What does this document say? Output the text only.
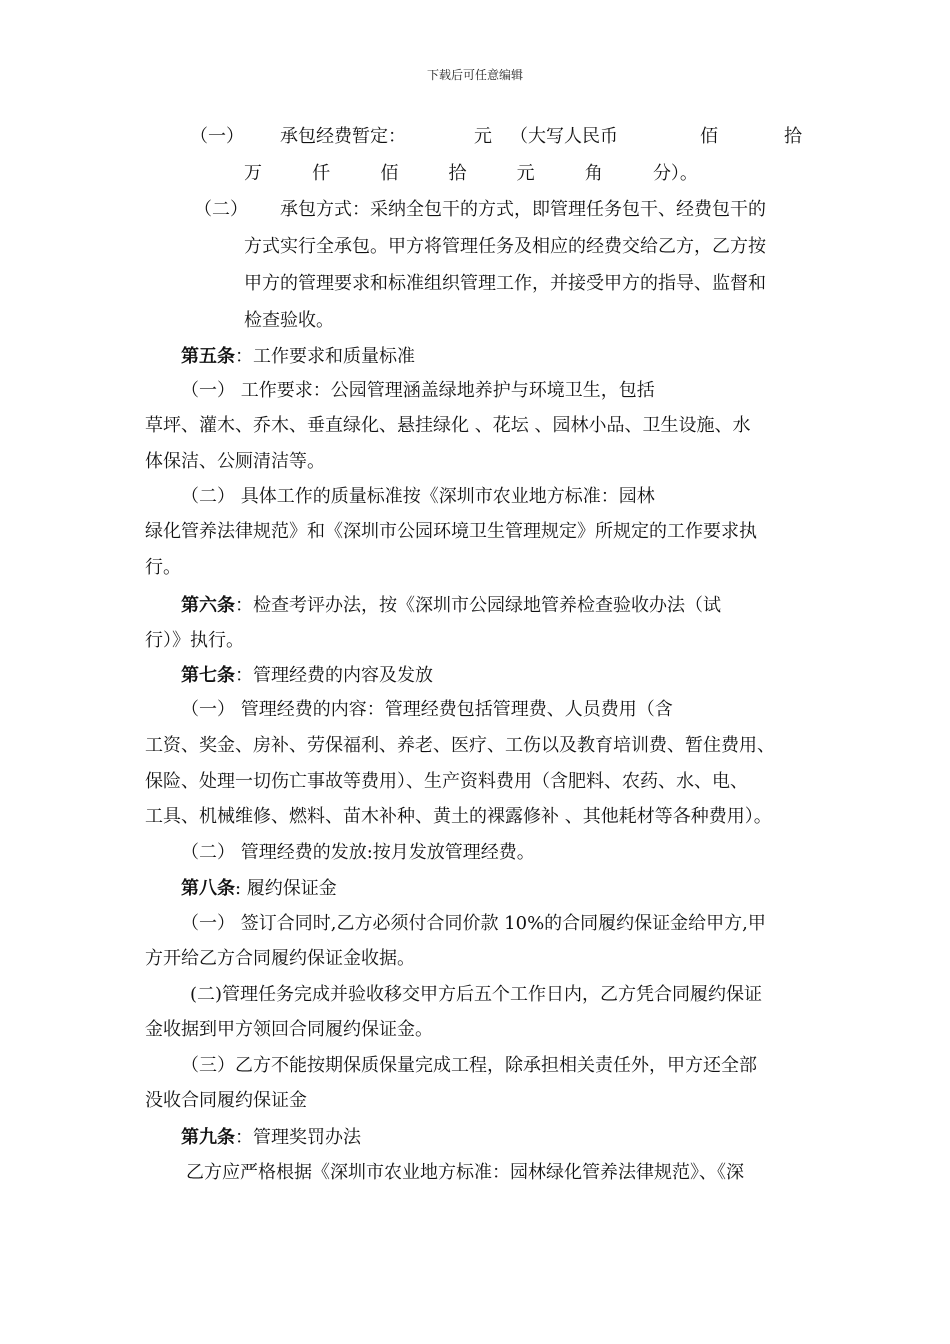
下载后可任意编辑
（一） 承包经费暂定：	元 （大写人民币	佰	拾
万	仟	佰	拾	元	角	分）。
（二） 承包方式：采纳全包干的方式，即管理任务包干、经费包干的
方式实行全承包。甲方将管理任务及相应的经费交给乙方，乙方按
甲方的管理要求和标准组织管理工作，并接受甲方的指导、监督和
检查验收。
第五条：工作要求和质量标准
（一） 工作要求：公园管理涵盖绿地养护与环境卫生，包括
草坪、灌木、乔木、垂直绿化、悬挂绿化 、花坛 、园林小品、卫生设施、水
体保洁、公厕清洁等。
（二） 具体工作的质量标准按《深圳市农业地方标准：园林
绿化管养法律规范》和《深圳市公园环境卫生管理规定》所规定的工作要求执
行。
第六条：检查考评办法，按《深圳市公园绿地管养检查验收办法（试
行）》执行。
第七条：管理经费的内容及发放
（一） 管理经费的内容：管理经费包括管理费、人员费用（含
工资、奖金、房补、劳保福利、养老、医疗、工伤以及教育培训费、暂住费用、
保险、处理一切伤亡事故等费用）、生产资料费用（含肥料、农药、水、电、
工具、机械维修、燃料、苗木补种、黄土的裸露修补 、其他耗材等各种费用）。
（二） 管理经费的发放:按月发放管理经费。
第八条: 履约保证金
（一） 签订合同时,乙方必须付合同价款 10%的合同履约保证金给甲方,甲
方开给乙方合同履约保证金收据。
(二)管理任务完成并验收移交甲方后五个工作日内，乙方凭合同履约保证
金收据到甲方领回合同履约保证金。
（三）乙方不能按期保质保量完成工程，除承担相关责任外，甲方还全部
没收合同履约保证金
第九条：管理奖罚办法
乙方应严格根据《深圳市农业地方标准：园林绿化管养法律规范》、《深
